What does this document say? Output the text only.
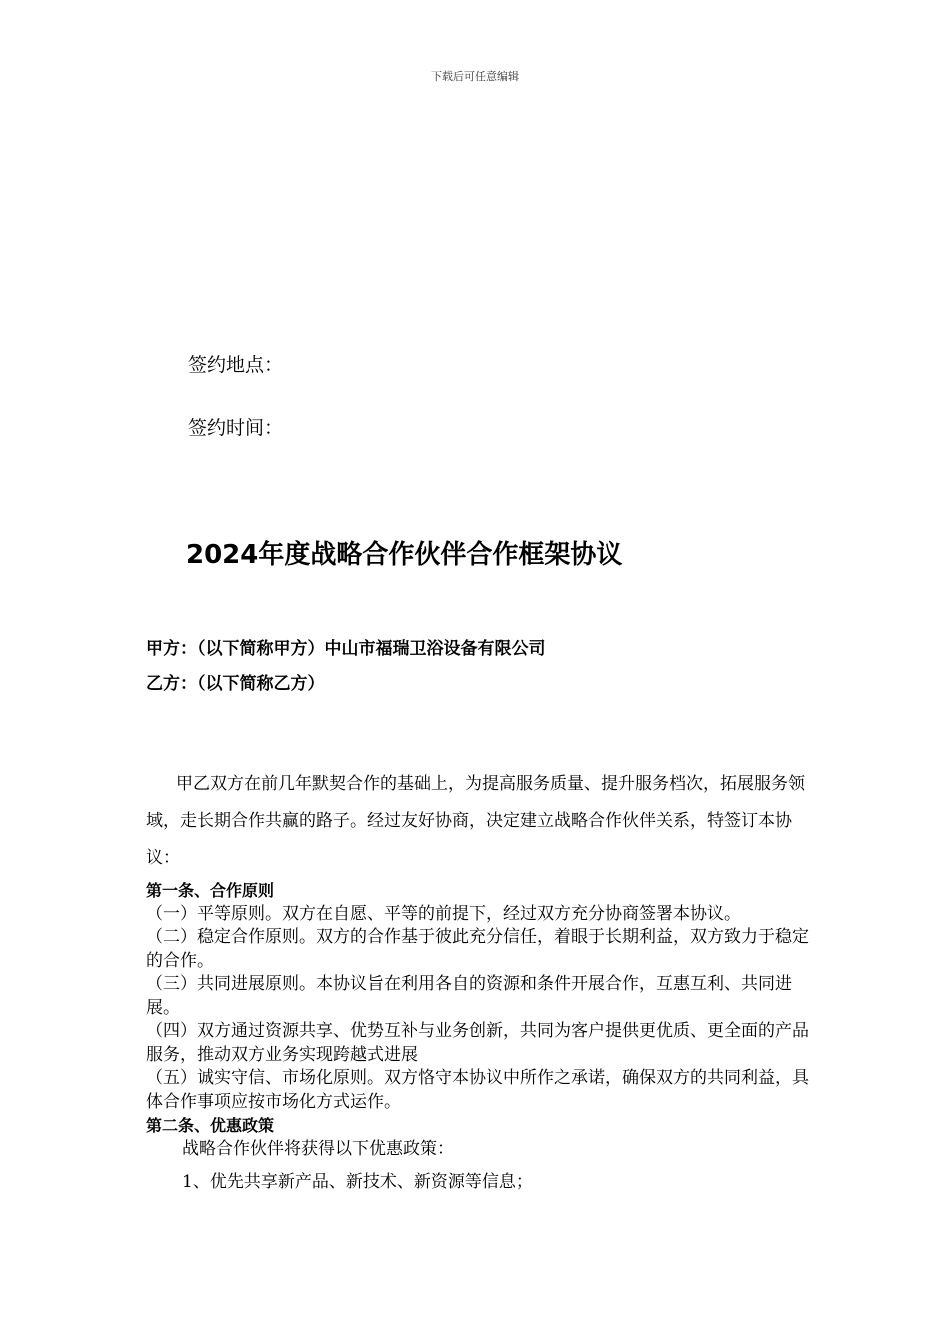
下载后可任意编辑
签约地点：
签约时间：
2024年度战略合作伙伴合作框架协议
甲方：（以下简称甲方）中山市福瑞卫浴设备有限公司
乙方：（以下简称乙方）

甲乙双方在前几年默契合作的基础上，为提高服务质量、提升服务档次，拓展服务领域，走长期合作共赢的路子。经过友好协商，决定建立战略合作伙伴关系，特签订本协议：

第一条、合作原则

（一）平等原则。双方在自愿、平等的前提下，经过双方充分协商签署本协议。

（二）稳定合作原则。双方的合作基于彼此充分信任，着眼于长期利益，双方致力于稳定的合作。

（三）共同进展原则。本协议旨在利用各自的资源和条件开展合作，互惠互利、共同进展。

（四）双方通过资源共享、优势互补与业务创新，共同为客户提供更优质、更全面的产品服务，推动双方业务实现跨越式进展

（五）诚实守信、市场化原则。双方恪守本协议中所作之承诺，确保双方的共同利益，具体合作事项应按市场化方式运作。

第二条、优惠政策

战略合作伙伴将获得以下优惠政策：

1、优先共享新产品、新技术、新资源等信息；
